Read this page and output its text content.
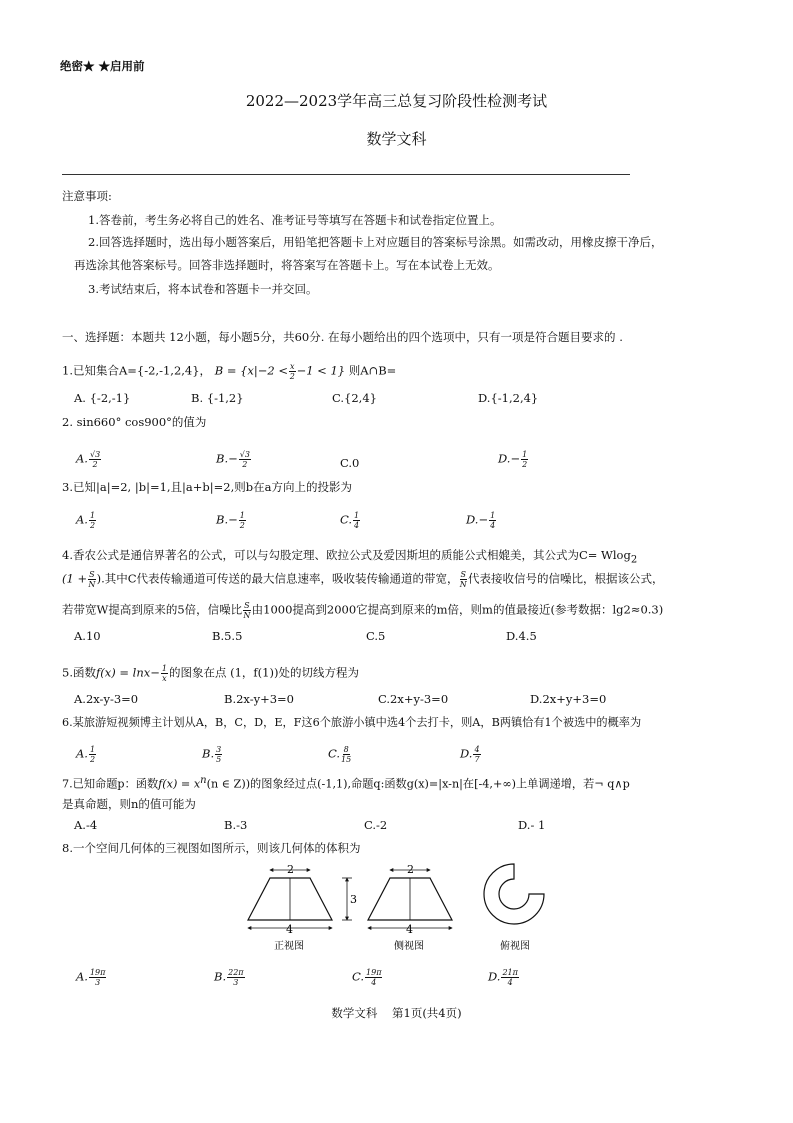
绝密★ ★启用前
2022—2023学年高三总复习阶段性检测考试
数学文科
注意事项:
1.答卷前，考生务必将自己的姓名、准考证号等填写在答题卡和试卷指定位置上。
2.回答选择题时，选出每小题答案后，用铅笔把答题卡上对应题目的答案标号涂黑。如需改动，用橡皮擦干净后，
再选涂其他答案标号。回答非选择题时，将答案写在答题卡上。写在本试卷上无效。
3.考试结束后，将本试卷和答题卡一并交回。
一、选择题：本题共 12小题，每小题5分，共60分. 在每小题给出的四个选项中，只有一项是符合题目要求的 .
1.已知集合A={-2,-1,2,4}， $B = \{x|-2 < \frac{x}{2} -1 < 1\}$ 则A∩B=
A. {-2,-1}	B. {-1,2}	C.{2,4}	D.{-1,2,4}
2. sin660° cos900°的值为
A. $\frac{√3}{2}$	$B.- \frac{√3}{2}$	C.0	$D.- \frac{1}{2}$
3.已知|a|=2, |b|=1,且|a+b|=2,则b在a方向上的投影为
A. $\frac{1}{2}$	$B.- \frac{1}{2}$	C. $\frac{1}{4}$	$D.- \frac{1}{4}$
4.香农公式是通信界著名的公式，可以与勾股定理、欧拉公式及爱因斯坦的质能公式相媲美，其公式为C= Wlog$_2$
($1 + \frac{S}{N}$ ).其中C代表传输通道可传送的最大信息速率，吸收装传输通道的带宽， $\frac{S}{N}$ 代表接收信号的信噪比，根据该公式，
若带宽W提高到原来的5倍，信噪比 $\frac{S}{N}$ 由1000提高到2000它提高到原来的m倍，则m的值最接近(参考数据：lg2≈0.3)
A.10	B.5.5	C.5	D.4.5
5.函数$f(x) = \ln x- \frac{1}{x}$ 的图象在点 (1，f(1))处的切线方程为
A.2x-y-3=0	B.2x-y+3=0	C.2x+y-3=0	D.2x+y+3=0
6.某旅游短视频博主计划从A，B，C，D，E，F这6个旅游小镇中选4个去打卡，则A，B两镇恰有1个被选中的概率为
A. $\frac{1}{2}$	B. $\frac{3}{5}$	C. $\frac{8}{15}$	D. $\frac{4}{7}$
7.已知命题p：函数$f(x) = x^n(n$ ∈ Z))的图象经过点(-1,1),命题q:函数g(x)=|x-n|在[-4,+∞)上单调递增，若¬ q∧p
是真命题，则n的值可能为
A.-4	B.-3	C.-2	D.- 1
8.一个空间几何体的三视图如图所示，则该几何体的体积为
2
4
3
2
4
正视图	侧视图	俯视图
A. $\frac{19\pi}{3}$	B. $\frac{22\pi}{3}$	C. $\frac{19\pi}{4}$	D. $\frac{21\pi}{4}$
数学文科    第1页(共4页)
